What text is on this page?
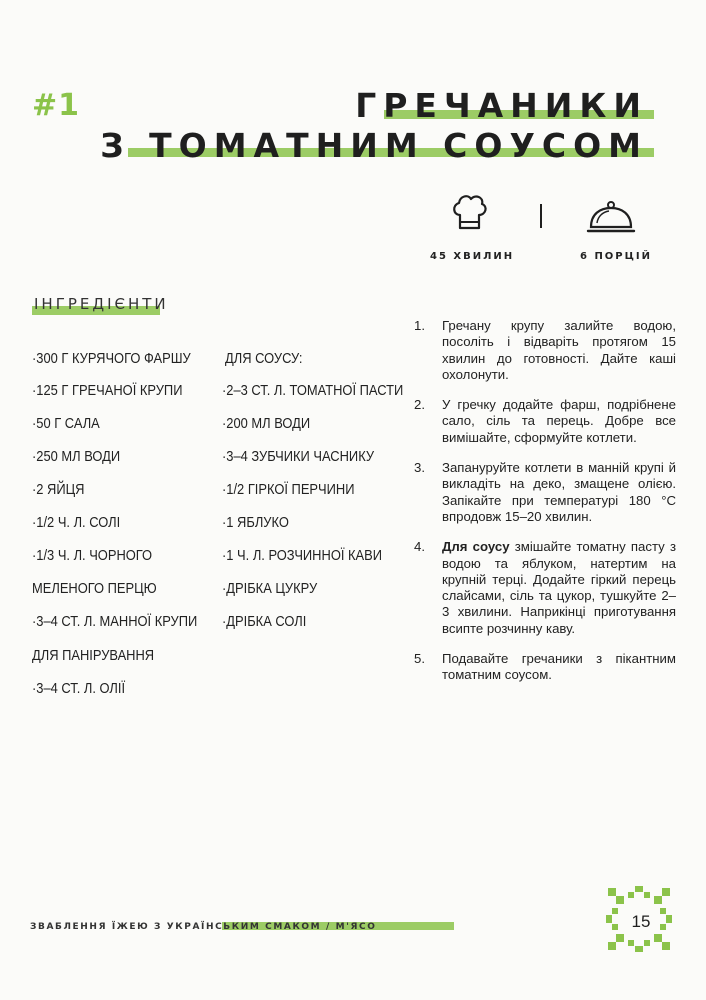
#1	ГРЕЧАНИКИ
З ТОМАТНИМ СОУСОМ
45 ХВИЛИН	6 ПОРЦІЙ
ІНГРЕДІЄНТИ
·300 Г КУРЯЧОГО ФАРШУ
·125 Г ГРЕЧАНОЇ КРУПИ
·50 Г САЛА
·250 МЛ ВОДИ
·2 ЯЙЦЯ
·1/2 Ч. Л. СОЛІ
·1/3 Ч. Л. ЧОРНОГО
МЕЛЕНОГО ПЕРЦЮ
·3–4 СТ. Л. МАННОЇ КРУПИ
ДЛЯ ПАНІРУВАННЯ
·3–4 СТ. Л. ОЛІЇ
ДЛЯ СОУСУ:
·2–3 СТ. Л. ТОМАТНОЇ ПАСТИ
·200 МЛ ВОДИ
·3–4 ЗУБЧИКИ ЧАСНИКУ
·1/2 ГІРКОЇ ПЕРЧИНИ
·1 ЯБЛУКО
·1 Ч. Л. РОЗЧИННОЇ КАВИ
·ДРІБКА ЦУКРУ
·ДРІБКА СОЛІ
1. Гречану крупу залийте водою, посоліть і відваріть протягом 15 хвилин до готовності. Дайте каші охолонути.
2. У гречку додайте фарш, подрібнене сало, сіль та перець. Добре все вимішайте, сформуйте котлети.
3. Запануруйте котлети в манній крупі й викладіть на деко, змащене олією. Запікайте при температурі 180 °С впродовж 15–20 хвилин.
4. Для соусу змішайте томатну пасту з водою та яблуком, натертим на крупній терці. Додайте гіркий перець слайсами, сіль та цукор, тушкуйте 2–3 хвилини. Наприкінці приготування всипте розчинну каву.
5. Подавайте гречаники з пікантним томатним соусом.
ЗВАБЛЕННЯ ЇЖЕЮ З УКРАЇНСЬКИМ СМАКОМ / М'ЯСО	15
